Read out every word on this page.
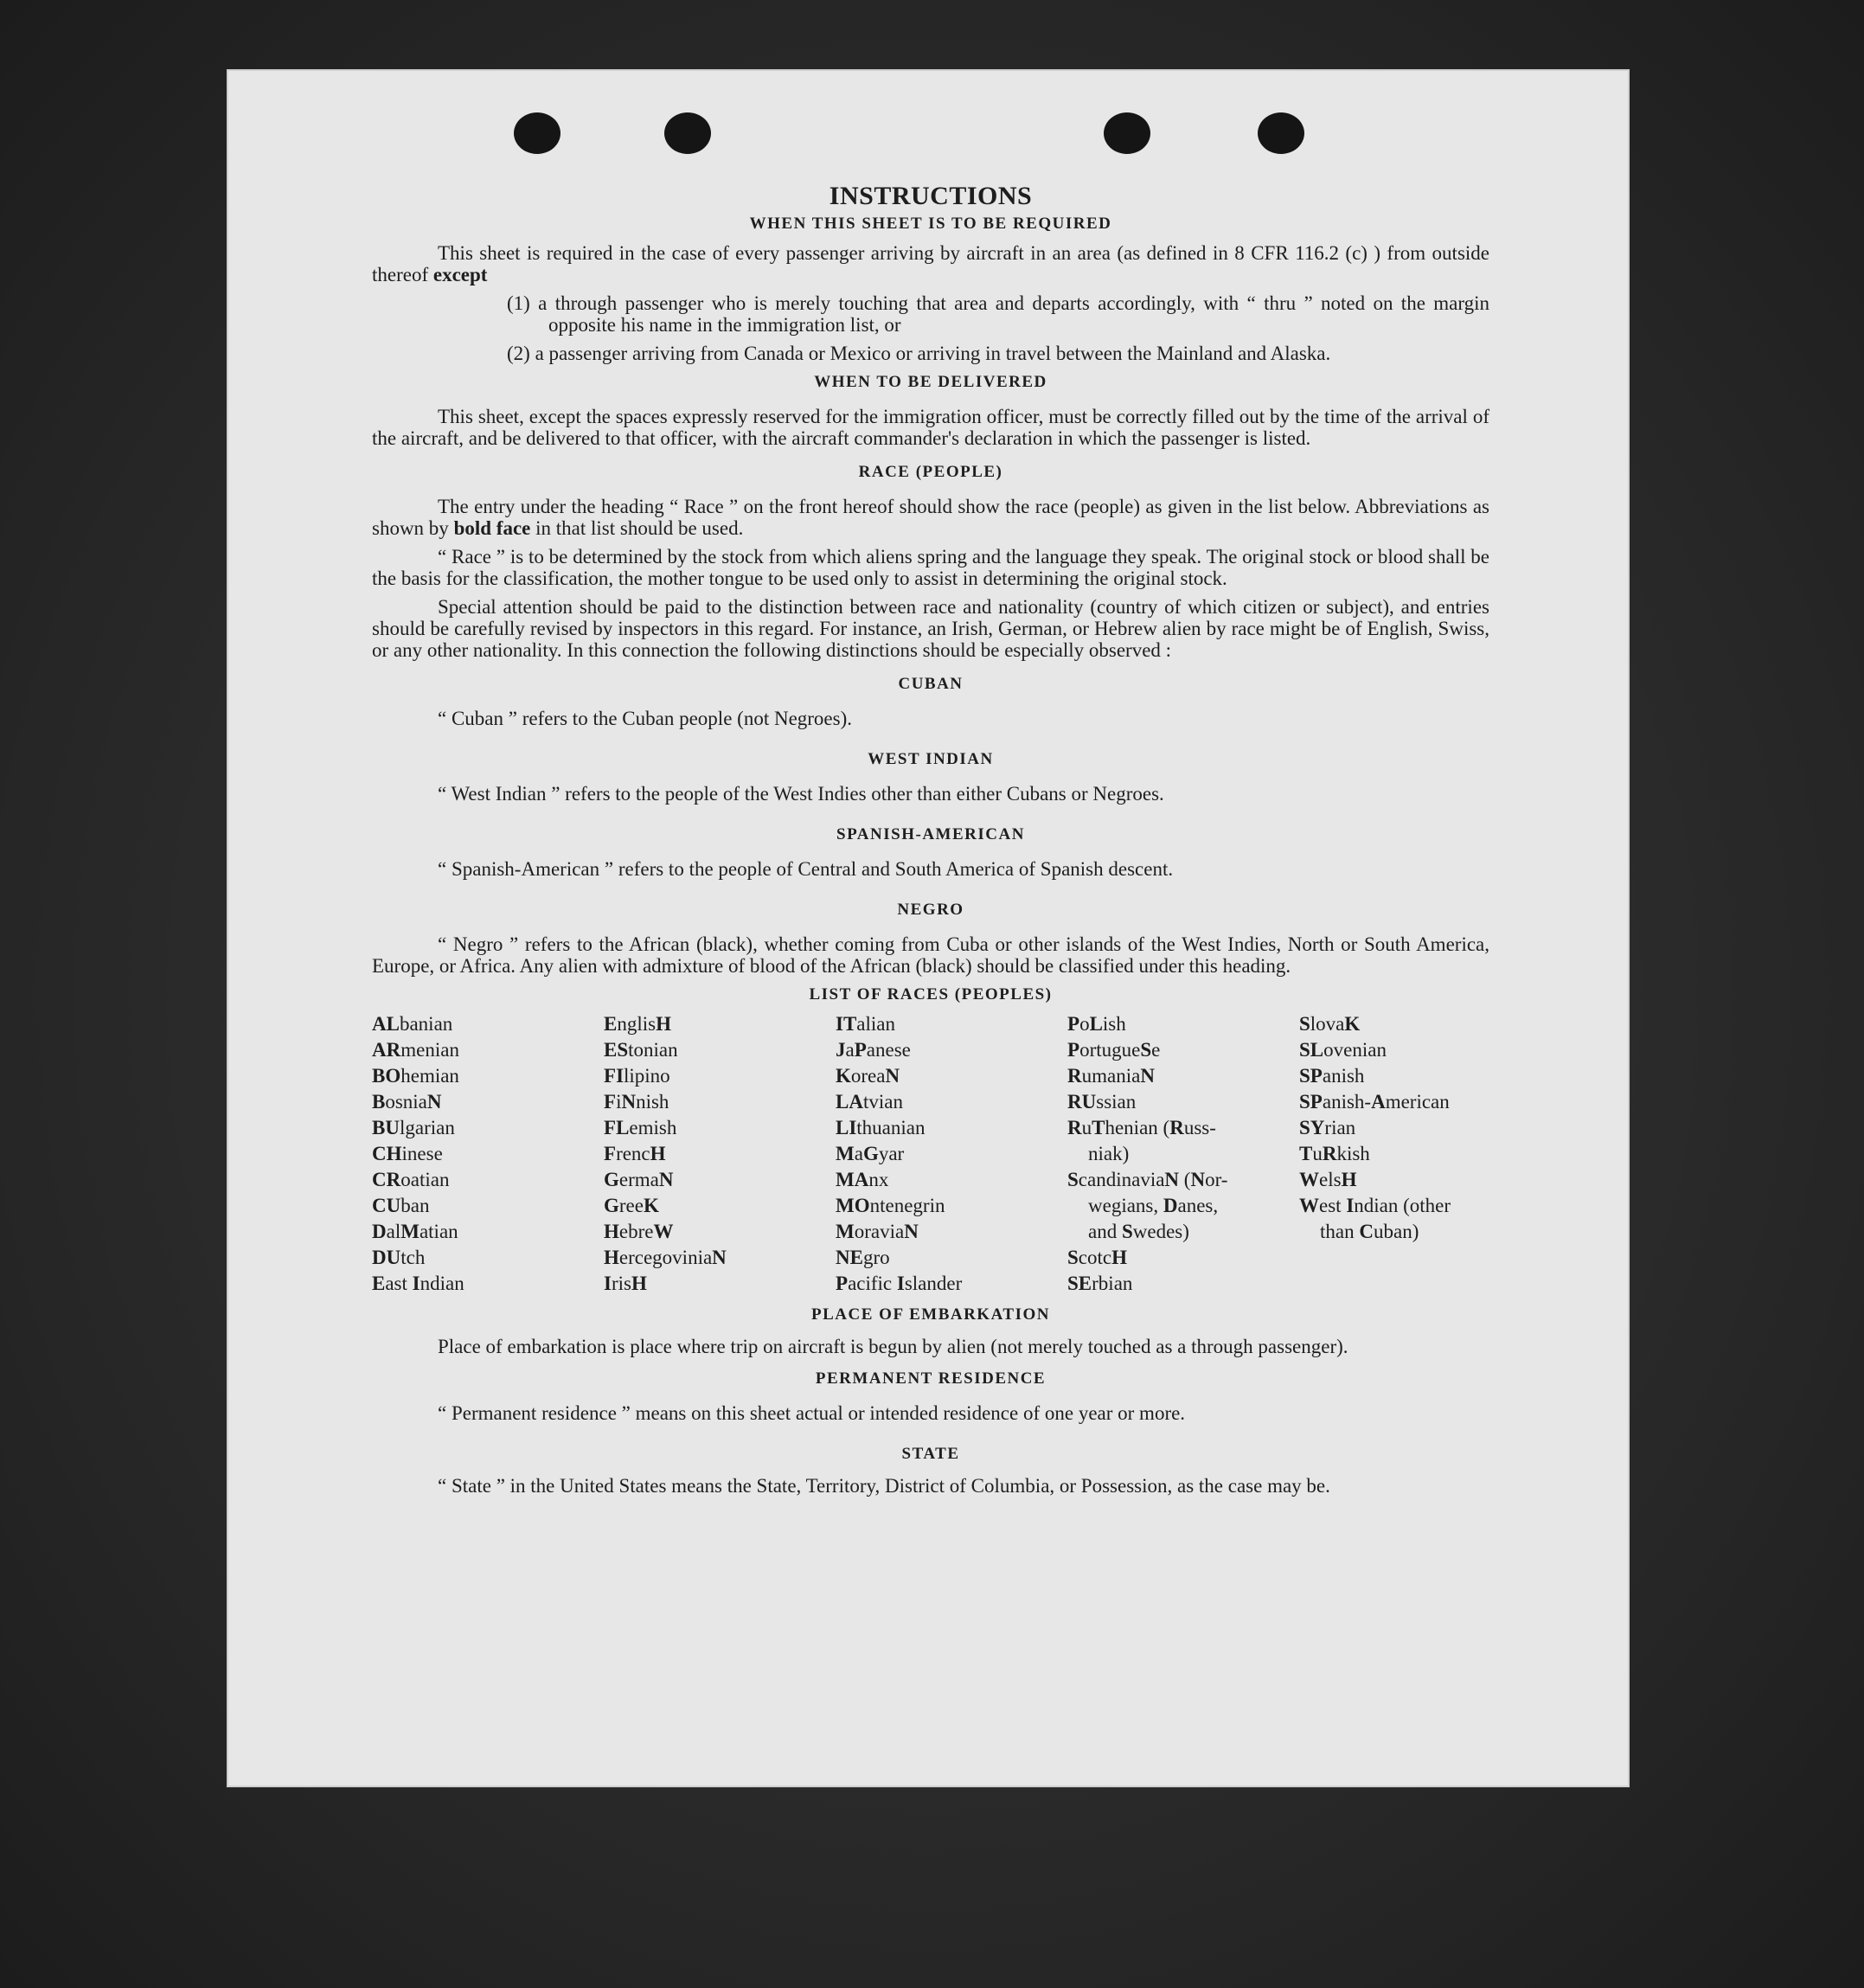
INSTRUCTIONS
WHEN THIS SHEET IS TO BE REQUIRED

This sheet is required in the case of every passenger arriving by aircraft in an area (as defined in 8 CFR 116.2 (c) ) from outside thereof except

(1) a through passenger who is merely touching that area and departs accordingly, with “ thru ” noted on the margin opposite his name in the immigration list, or

(2) a passenger arriving from Canada or Mexico or arriving in travel between the Mainland and Alaska.

WHEN TO BE DELIVERED

This sheet, except the spaces expressly reserved for the immigration officer, must be correctly filled out by the time of the arrival of the aircraft, and be delivered to that officer, with the aircraft commander's declaration in which the passenger is listed.

RACE (PEOPLE)

The entry under the heading “ Race ” on the front hereof should show the race (people) as given in the list below. Abbreviations as shown by bold face in that list should be used.

“ Race ” is to be determined by the stock from which aliens spring and the language they speak. The original stock or blood shall be the basis for the classification, the mother tongue to be used only to assist in determining the original stock.

Special attention should be paid to the distinction between race and nationality (country of which citizen or subject), and entries should be carefully revised by inspectors in this regard. For instance, an Irish, German, or Hebrew alien by race might be of English, Swiss, or any other nationality. In this connection the following distinctions should be especially observed :

CUBAN

“ Cuban ” refers to the Cuban people (not Negroes).

WEST INDIAN

“ West Indian ” refers to the people of the West Indies other than either Cubans or Negroes.

SPANISH-AMERICAN

“ Spanish-American ” refers to the people of Central and South America of Spanish descent.

NEGRO

“ Negro ” refers to the African (black), whether coming from Cuba or other islands of the West Indies, North or South America, Europe, or Africa. Any alien with admixture of blood of the African (black) should be classified under this heading.

LIST OF RACES (PEOPLES)
ALbanian
ARmenian
BOhemian
BosniaN
BUlgarian
CHinese
CRoatian
CUban
DalMatian
DUtch
East Indian
EnglisH
EStonian
FIlipino
FiNnish
FLemish
FrencH
GermaN
GreeK
HebreW
HercegoviniaN
IrisH
ITalian
JaPanese
KoreaN
LAtvian
LIthuanian
MaGyar
MAnx
MOntenegrin
MoraviaN
NEgro
Pacific Islander
PoLish
PortugueSe
RumaniaN
RUssian
RuThenian (Russ-
niak)
ScandinaviaN (Nor-
wegians, Danes,
and Swedes)
ScotcH
SErbian
SlovaK
SLovenian
SPanish
SPanish-American
SYrian
TuRkish
WelsH
West Indian (other
than Cuban)
PLACE OF EMBARKATION

Place of embarkation is place where trip on aircraft is begun by alien (not merely touched as a through passenger).

PERMANENT RESIDENCE

“ Permanent residence ” means on this sheet actual or intended residence of one year or more.

STATE

“ State ” in the United States means the State, Territory, District of Columbia, or Possession, as the case may be.
